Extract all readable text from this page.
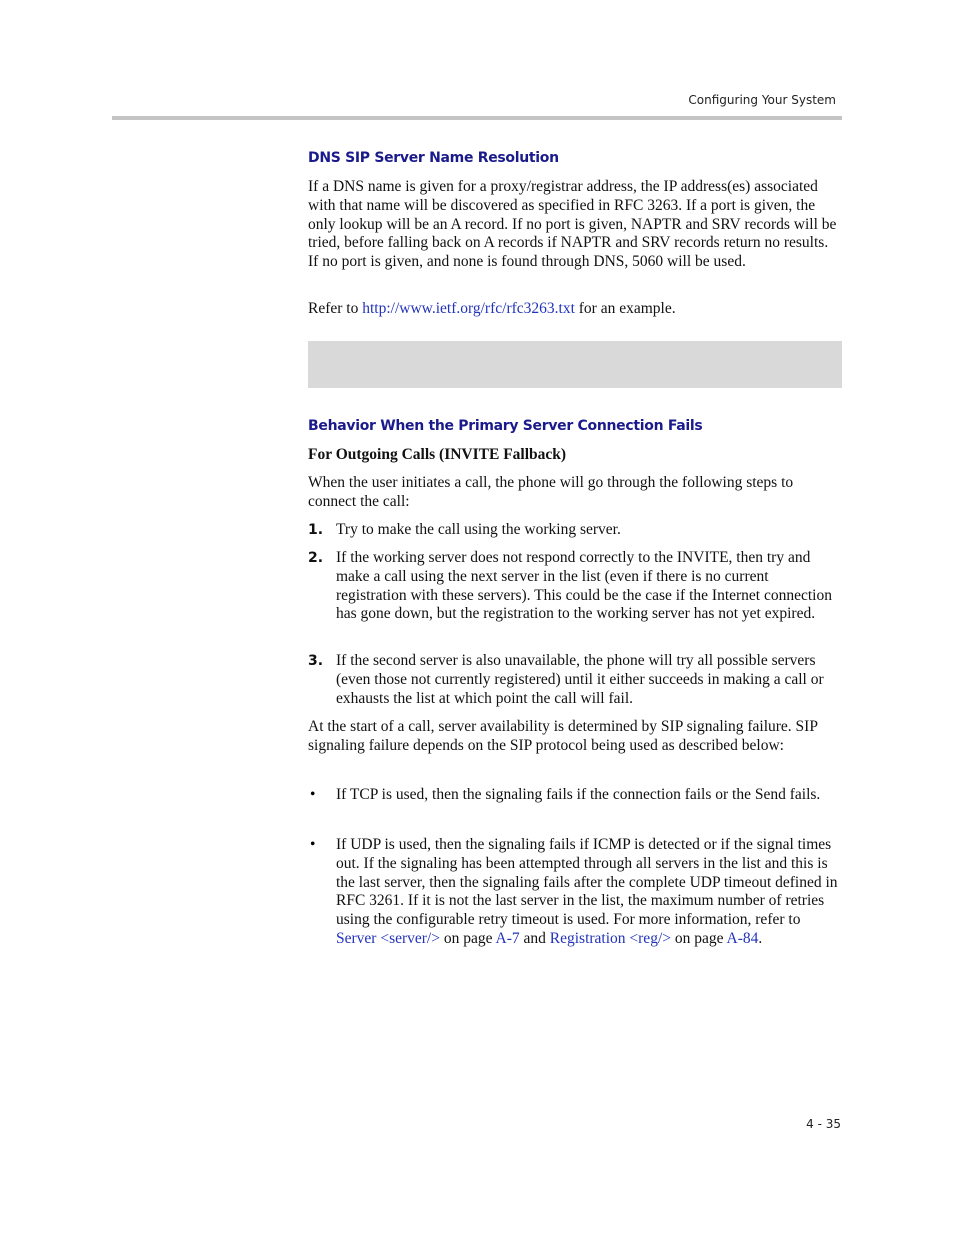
Configuring Your System
DNS SIP Server Name Resolution

If a DNS name is given for a proxy/registrar address, the IP address(es) associated with that name will be discovered as specified in RFC 3263. If a port is given, the only lookup will be an A record. If no port is given, NAPTR and SRV records will be tried, before falling back on A records if NAPTR and SRV records return no results. If no port is given, and none is found through DNS, 5060 will be used.

Refer to http://www.ietf.org/rfc/rfc3263.txt for an example.

Behavior When the Primary Server Connection Fails

For Outgoing Calls (INVITE Fallback)

When the user initiates a call, the phone will go through the following steps to connect the call:

1. Try to make the call using the working server.

2. If the working server does not respond correctly to the INVITE, then try and make a call using the next server in the list (even if there is no current registration with these servers). This could be the case if the Internet connection has gone down, but the registration to the working server has not yet expired.

3. If the second server is also unavailable, the phone will try all possible servers (even those not currently registered) until it either succeeds in making a call or exhausts the list at which point the call will fail.

At the start of a call, server availability is determined by SIP signaling failure. SIP signaling failure depends on the SIP protocol being used as described below:

• If TCP is used, then the signaling fails if the connection fails or the Send fails.

• If UDP is used, then the signaling fails if ICMP is detected or if the signal times out. If the signaling has been attempted through all servers in the list and this is the last server, then the signaling fails after the complete UDP timeout defined in RFC 3261. If it is not the last server in the list, the maximum number of retries using the configurable retry timeout is used. For more information, refer to Server <server/> on page A-7 and Registration <reg/> on page A-84.

4 - 35
